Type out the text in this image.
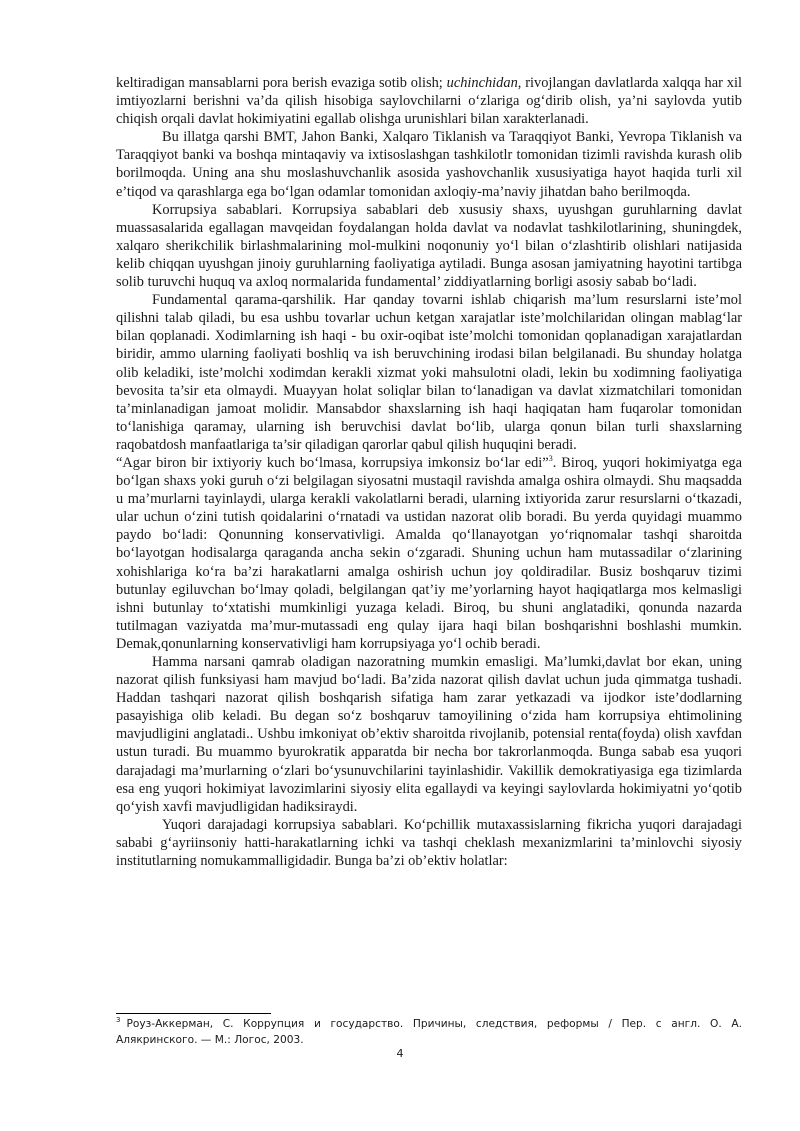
keltiradigan mansablarni pora berish evaziga sotib olish; uchinchidan, rivojlangan davlatlarda xalqqa har xil imtiyozlarni berishni va’da qilish hisobiga saylovchilarni o‘zlariga og‘dirib olish, ya’ni saylovda yutib chiqish orqali davlat hokimiyatini egallab olishga urunishlari bilan xarakterlanadi.

Bu illatga qarshi BMT, Jahon Banki, Xalqaro Tiklanish va Taraqqiyot Banki, Yevropa Tiklanish va Taraqqiyot banki va boshqa mintaqaviy va ixtisoslashgan tashkilotlr tomonidan tizimli ravishda kurash olib borilmoqda. Uning ana shu moslashuvchanlik asosida yashovchanlik xususiyatiga hayot haqida turli xil e’tiqod va qarashlarga ega bo‘lgan odamlar tomonidan axloqiy-ma’naviy jihatdan baho berilmoqda.

Korrupsiya sabablari. Korrupsiya sabablari deb xususiy shaxs, uyushgan guruhlarning davlat muassasalarida egallagan mavqeidan foydalangan holda davlat va nodavlat tashkilotlarining, shuningdek, xalqaro sherikchilik birlashmalarining mol-mulkini noqonuniy yo‘l bilan o‘zlashtirib olishlari natijasida kelib chiqqan uyushgan jinoiy guruhlarning faoliyatiga aytiladi. Bunga asosan jamiyatning hayotini tartibga solib turuvchi huquq va axloq normalarida fundamental’ ziddiyatlarning borligi asosiy sabab bo‘ladi.

Fundamental qarama-qarshilik. Har qanday tovarni ishlab chiqarish ma’lum resurslarni iste’mol qilishni talab qiladi, bu esa ushbu tovarlar uchun ketgan xarajatlar iste’molchilaridan olingan mablag‘lar bilan qoplanadi. Xodimlarning ish haqi - bu oxir-oqibat iste’molchi tomonidan qoplanadigan xarajatlardan biridir, ammo ularning faoliyati boshliq va ish beruvchining irodasi bilan belgilanadi. Bu shunday holatga olib keladiki, iste’molchi xodimdan kerakli xizmat yoki mahsulotni oladi, lekin bu xodimning faoliyatiga bevosita ta’sir eta olmaydi. Muayyan holat soliqlar bilan to‘lanadigan va davlat xizmatchilari tomonidan ta’minlanadigan jamoat molidir. Mansabdor shaxslarning ish haqi haqiqatan ham fuqarolar tomonidan to‘lanishiga qaramay, ularning ish beruvchisi davlat bo‘lib, ularga qonun bilan turli shaxslarning raqobatdosh manfaatlariga ta’sir qiladigan qarorlar qabul qilish huquqini beradi.

“Agar biron bir ixtiyoriy kuch bo‘lmasa, korrupsiya imkonsiz bo‘lar edi”$^3$. Biroq, yuqori hokimiyatga ega bo‘lgan shaxs yoki guruh o‘zi belgilagan siyosatni mustaqil ravishda amalga oshira olmaydi. Shu maqsadda u ma’murlarni tayinlaydi, ularga kerakli vakolatlarni beradi, ularning ixtiyorida zarur resurslarni o‘tkazadi, ular uchun o‘zini tutish qoidalarini o‘rnatadi va ustidan nazorat olib boradi. Bu yerda quyidagi muammo paydo bo‘ladi: Qonunning konservativligi. Amalda qo‘llanayotgan yo‘riqnomalar tashqi sharoitda bo‘layotgan hodisalarga qaraganda ancha sekin o‘zgaradi. Shuning uchun ham mutassadilar o‘zlarining xohishlariga ko‘ra ba’zi harakatlarni amalga oshirish uchun joy qoldiradilar. Busiz boshqaruv tizimi butunlay egiluvchan bo‘lmay qoladi, belgilangan qat’iy me’yorlarning hayot haqiqatlarga mos kelmasligi ishni butunlay to‘xtatishi mumkinligi yuzaga keladi. Biroq, bu shuni anglatadiki, qonunda nazarda tutilmagan vaziyatda ma’mur-mutassadi eng qulay ijara haqi bilan boshqarishni boshlashi mumkin. Demak,qonunlarning konservativligi ham korrupsiyaga yo‘l ochib beradi.

Hamma narsani qamrab oladigan nazoratning mumkin emasligi. Ma’lumki,davlat bor ekan, uning nazorat qilish funksiyasi ham mavjud bo‘ladi. Ba’zida nazorat qilish davlat uchun juda qimmatga tushadi. Haddan tashqari nazorat qilish boshqarish sifatiga ham zarar yetkazadi va ijodkor iste’dodlarning pasayishiga olib keladi. Bu degan so‘z boshqaruv tamoyilining o‘zida ham korrupsiya ehtimolining mavjudligini anglatadi.. Ushbu imkoniyat ob’ektiv sharoitda rivojlanib, potensial renta(foyda) olish xavfdan ustun turadi. Bu muammo byurokratik apparatda bir necha bor takrorlanmoqda. Bunga sabab esa yuqori darajadagi ma’murlarning o‘zlari bo‘ysunuvchilarini tayinlashidir. Vakillik demokratiyasiga ega tizimlarda esa eng yuqori hokimiyat lavozimlarini siyosiy elita egallaydi va keyingi saylovlarda hokimiyatni yo‘qotib qo‘yish xavfi mavjudligidan hadiksiraydi.

Yuqori darajadagi korrupsiya sabablari. Ko‘pchillik mutaxassislarning fikricha yuqori darajadagi sababi g‘ayriinsoniy hatti-harakatlarning ichki va tashqi cheklash mexanizmlarini ta’minlovchi siyosiy institutlarning nomukammalligidadir. Bunga ba’zi ob’ektiv holatlar:

$^3$ Роуз-Аккерман, С. Коррупция и государство. Причины, следствия, реформы / Пер. с англ. О. А. Алякринского. — М.: Логос, 2003.
4
